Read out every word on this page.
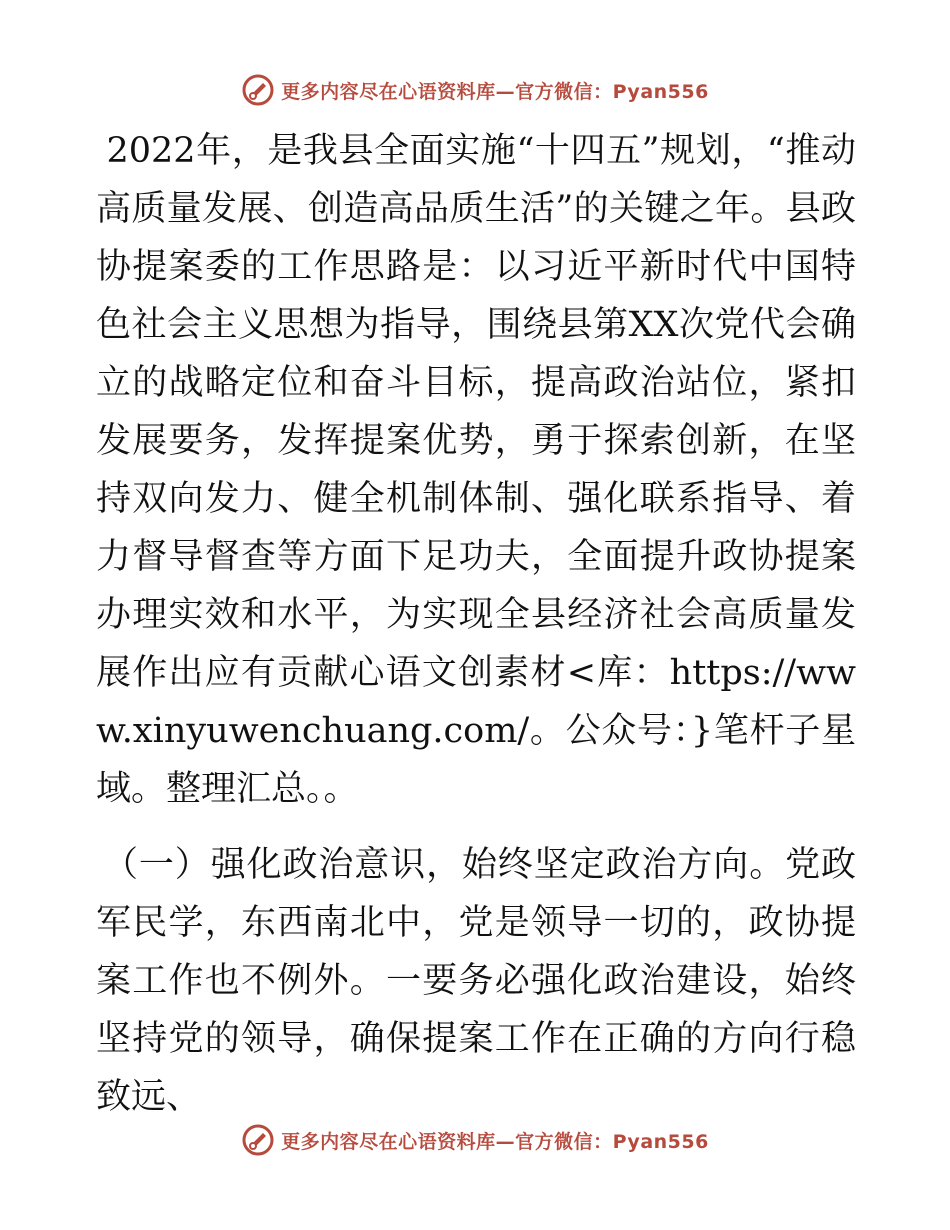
更多内容尽在心语资料库—官方微信：Pyan556

2022年，是我县全面实施“十四五”规划，“推动高质量发展、创造高品质生活”的关键之年。县政协提案委的工作思路是：以习近平新时代中国特色社会主义思想为指导，围绕县第XX次党代会确立的战略定位和奋斗目标，提高政治站位，紧扣发展要务，发挥提案优势，勇于探索创新，在坚持双向发力、健全机制体制、强化联系指导、着力督导督查等方面下足功夫，全面提升政协提案办理实效和水平，为实现全县经济社会高质量发展作出应有贡献心语文创素材<库：https://www.xinyuwenchuang.com/。公众号：}笔杆子星域。整理汇总。。

（一）强化政治意识，始终坚定政治方向。党政军民学，东西南北中，党是领导一切的，政协提案工作也不例外。一要务必强化政治建设，始终坚持党的领导，确保提案工作在正确的方向行稳致远、

更多内容尽在心语资料库—官方微信：Pyan556
